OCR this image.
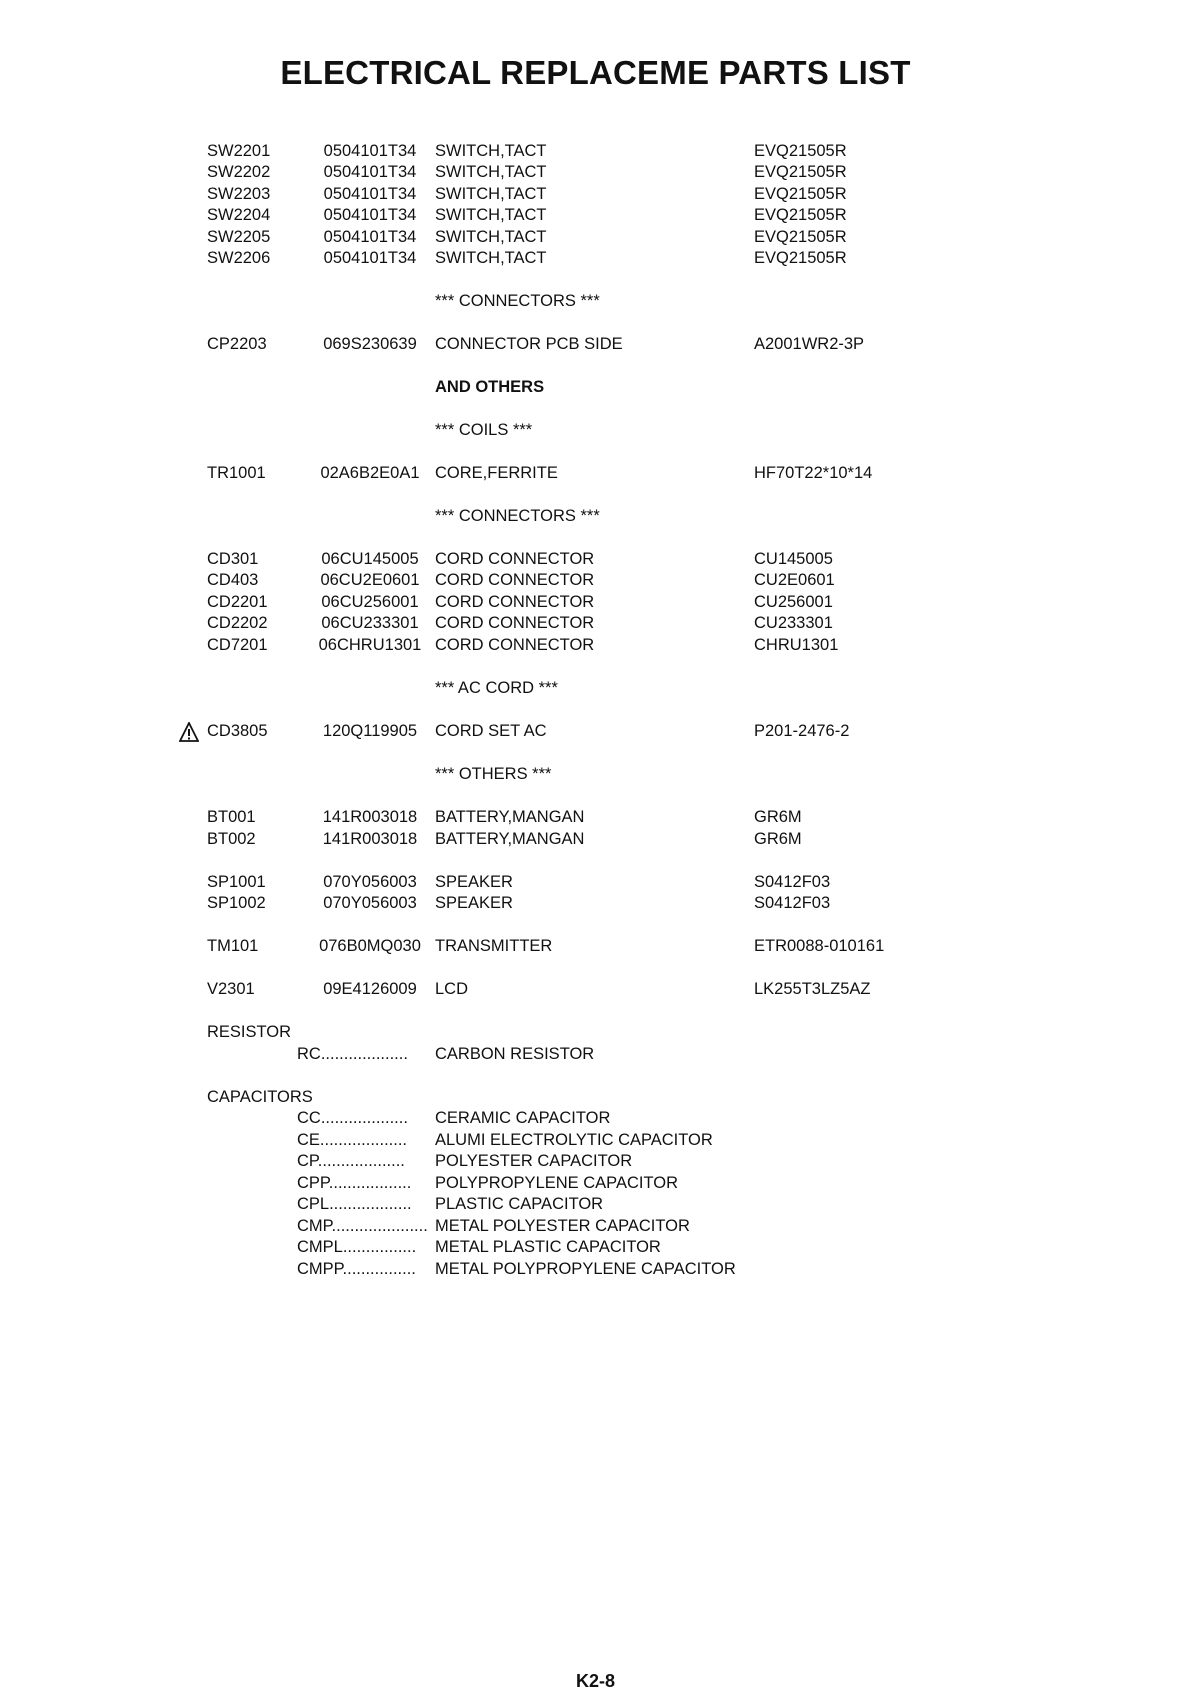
ELECTRICAL REPLACEME PARTS LIST
SW2201	0504101T34	SWITCH,TACT	EVQ21505R
SW2202	0504101T34	SWITCH,TACT	EVQ21505R
SW2203	0504101T34	SWITCH,TACT	EVQ21505R
SW2204	0504101T34	SWITCH,TACT	EVQ21505R
SW2205	0504101T34	SWITCH,TACT	EVQ21505R
SW2206	0504101T34	SWITCH,TACT	EVQ21505R
*** CONNECTORS ***
CP2203	069S230639	CONNECTOR PCB SIDE	A2001WR2-3P
AND OTHERS
*** COILS ***
TR1001	02A6B2E0A1 CORE,FERRITE	HF70T22*10*14
*** CONNECTORS ***
CD301	06CU145005 CORD CONNECTOR	CU145005
CD403	06CU2E0601 CORD CONNECTOR	CU2E0601
CD2201	06CU256001 CORD CONNECTOR	CU256001
CD2202	06CU233301 CORD CONNECTOR	CU233301
CD7201	06CHRU1301 CORD CONNECTOR	CHRU1301
*** AC CORD ***
CD3805	120Q119905	CORD SET AC	P201-2476-2
*** OTHERS ***
BT001	141R003018	BATTERY,MANGAN	GR6M
BT002	141R003018	BATTERY,MANGAN	GR6M
SP1001	070Y056003	SPEAKER	S0412F03
SP1002	070Y056003	SPEAKER	S0412F03
TM101	076B0MQ030 TRANSMITTER	ETR0088-010161
V2301	09E4126009	LCD	LK255T3LZ5AZ
RESISTOR
RC................... CARBON RESISTOR
CAPACITORS
CC................... CERAMIC CAPACITOR
CE................... ALUMI ELECTROLYTIC CAPACITOR
CP................... POLYESTER CAPACITOR
CPP.................. POLYPROPYLENE CAPACITOR
CPL.................. PLASTIC CAPACITOR
CMP..................... METAL POLYESTER CAPACITOR
CMPL................ METAL PLASTIC CAPACITOR
CMPP................ METAL POLYPROPYLENE CAPACITOR
K2-8
